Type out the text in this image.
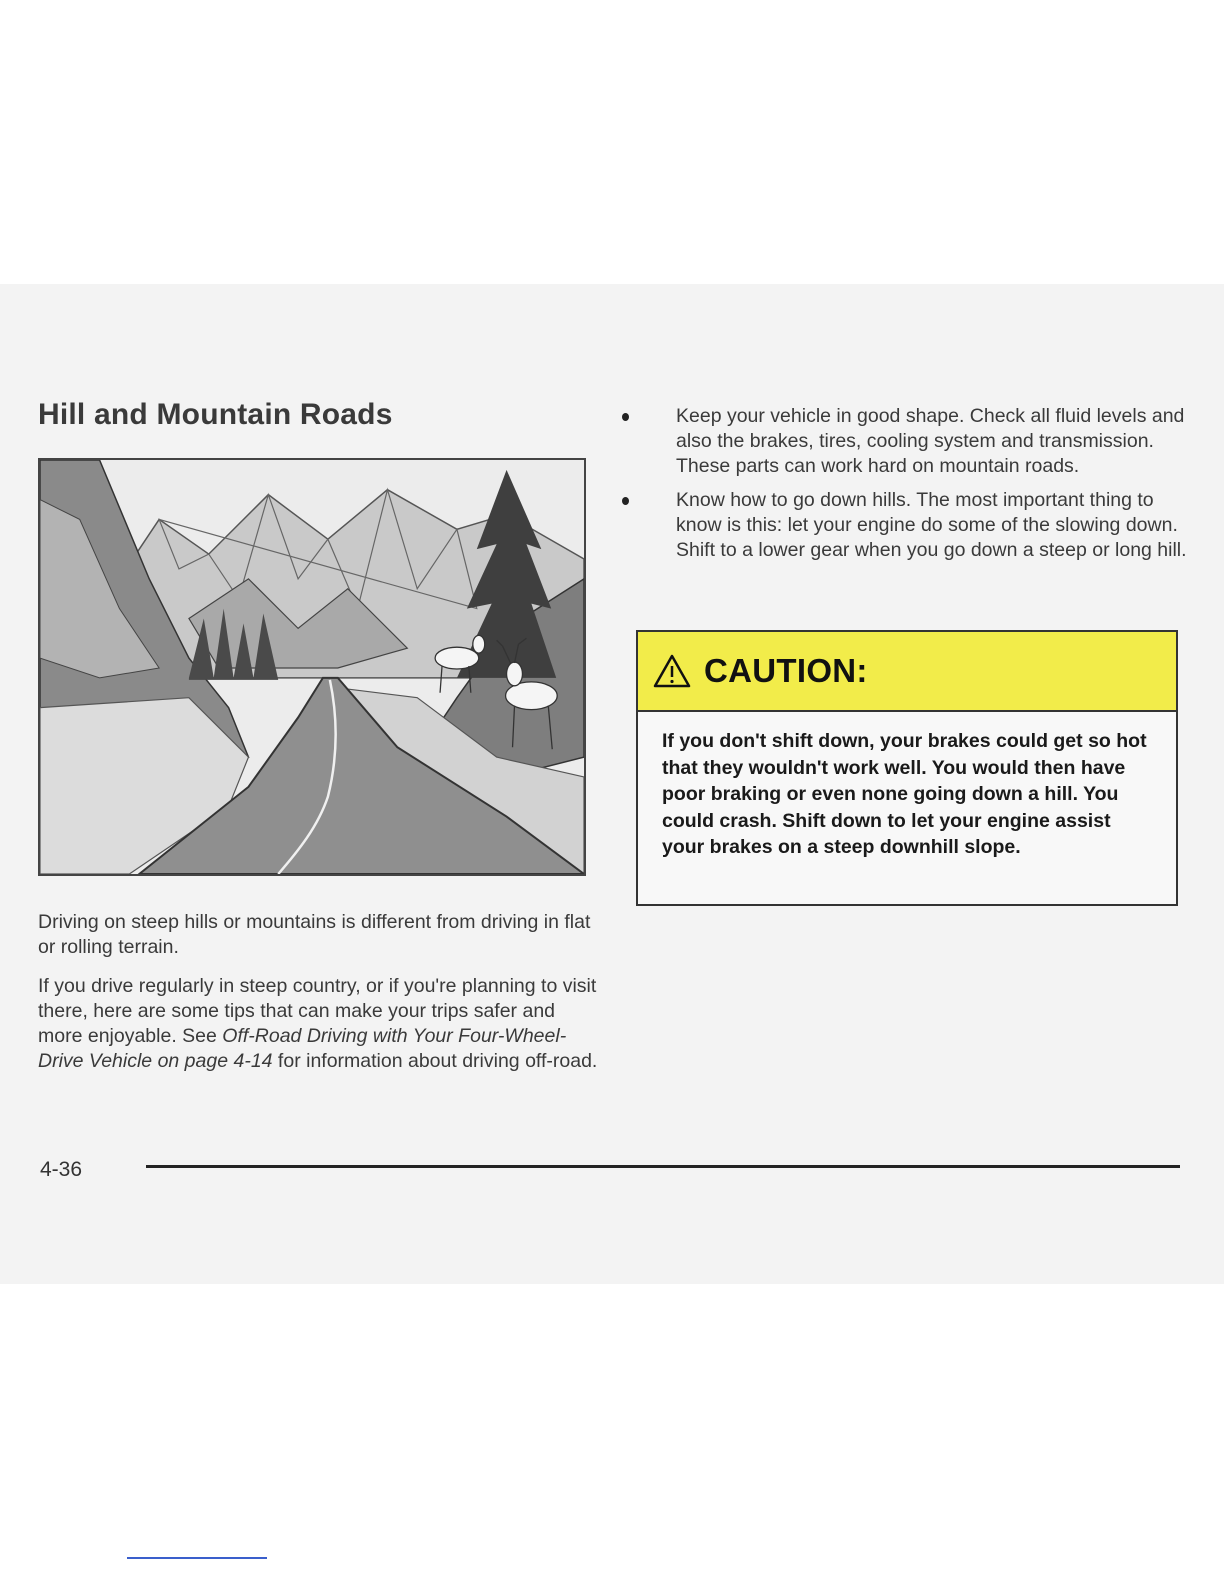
Hill and Mountain Roads

Driving on steep hills or mountains is different from driving in flat or rolling terrain.

If you drive regularly in steep country, or if you're planning to visit there, here are some tips that can make your trips safer and more enjoyable. See Off-Road Driving with Your Four-Wheel-Drive Vehicle on page 4-14 for information about driving off-road.

Keep your vehicle in good shape. Check all fluid levels and also the brakes, tires, cooling system and transmission. These parts can work hard on mountain roads.
Know how to go down hills. The most important thing to know is this: let your engine do some of the slowing down. Shift to a lower gear when you go down a steep or long hill.
CAUTION:
If you don't shift down, your brakes could get so hot that they wouldn't work well. You would then have poor braking or even none going down a hill. You could crash. Shift down to let your engine assist your brakes on a steep downhill slope.
4-36
